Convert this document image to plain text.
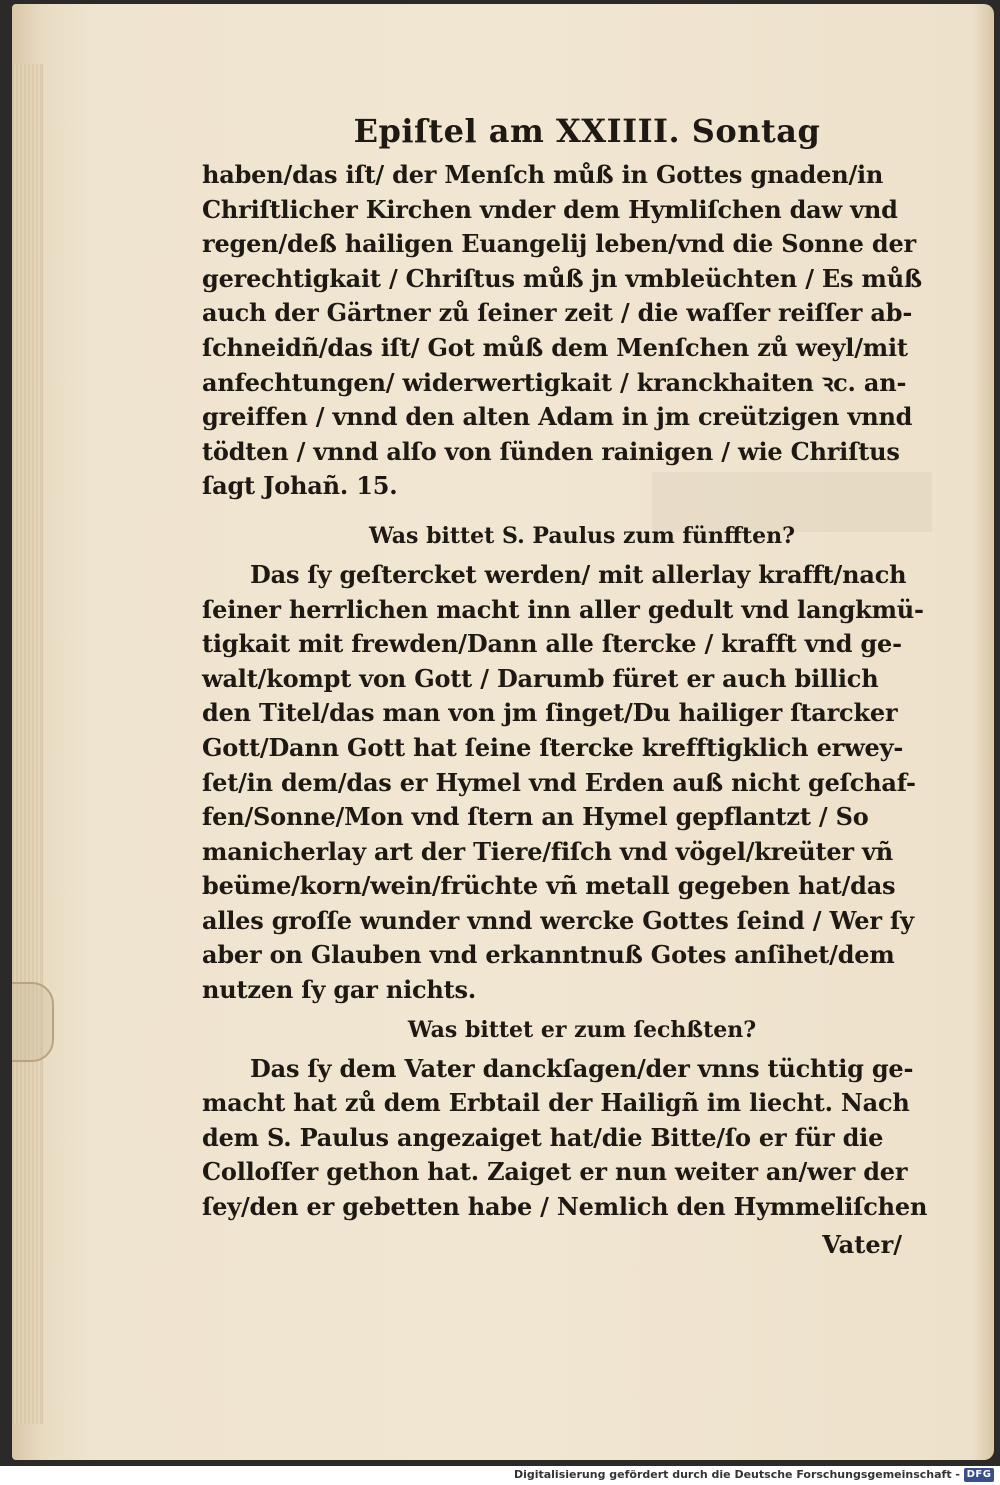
Epiſtel am XXIIII. Sontag
haben/das iſt/ der Menſch můß in Gottes gnaden/in
Chriſtlicher Kirchen vnder dem Hymliſchen daw vnd
regen/deß hailigen Euangelij leben/vnd die Sonne der
gerechtigkait / Chriſtus můß jn vmbleüchten / Es můß
auch der Gärtner zů ſeiner zeit / die waſſer reiſſer ab-
ſchneidñ/das iſt/ Got můß dem Menſchen zů weyl/mit
anfechtungen/ widerwertigkait / kranckhaiten ꝛc. an-
greiffen / vnnd den alten Adam in jm creützigen vnnd
tödten / vnnd alſo von ſünden rainigen / wie Chriſtus
ſagt Johañ. 15.
Was bittet S. Paulus zum fünfften?
Das ſy geſtercket werden/ mit allerlay krafft/nach
ſeiner herrlichen macht inn aller gedult vnd langkmü-
tigkait mit frewden/Dann alle ſtercke / krafft vnd ge-
walt/kompt von Gott / Darumb füret er auch billich
den Titel/das man von jm ſinget/Du hailiger ſtarcker
Gott/Dann Gott hat ſeine ſtercke krefftigklich erwey-
ſet/in dem/das er Hymel vnd Erden auß nicht geſchaf-
fen/Sonne/Mon vnd ſtern an Hymel gepflantzt / So
manicherlay art der Tiere/fiſch vnd vögel/kreüter vñ
beüme/korn/wein/früchte vñ metall gegeben hat/das
alles groſſe wunder vnnd wercke Gottes ſeind / Wer ſy
aber on Glauben vnd erkanntnuß Gotes anſihet/dem
nutzen ſy gar nichts.
Was bittet er zum ſechßten?
Das ſy dem Vater danckſagen/der vnns tüchtig ge-
macht hat zů dem Erbtail der Hailigñ im liecht. Nach
dem S. Paulus angezaiget hat/die Bitte/ſo er für die
Colloſſer gethon hat. Zaiget er nun weiter an/wer der
ſey/den er gebetten habe / Nemlich den Hymmeliſchen
Vater/
Digitalisierung gefördert durch die Deutsche Forschungsgemeinschaft - DFG
